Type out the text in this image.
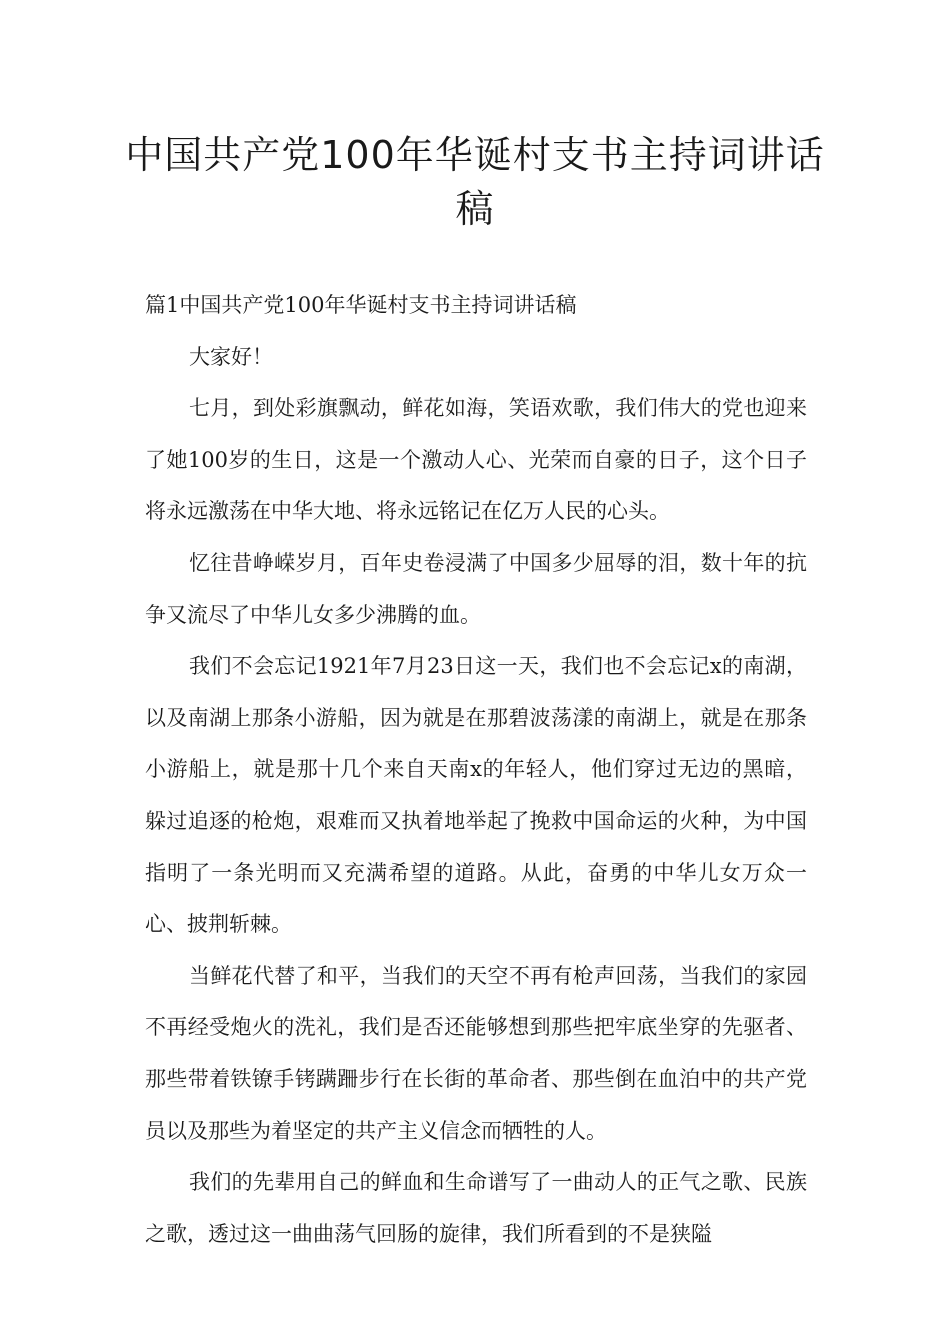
中国共产党100年华诞村支书主持词讲话稿

篇1中国共产党100年华诞村支书主持词讲话稿

大家好！

七月，到处彩旗飘动，鲜花如海，笑语欢歌，我们伟大的党也迎来了她100岁的生日，这是一个激动人心、光荣而自豪的日子，这个日子将永远激荡在中华大地、将永远铭记在亿万人民的心头。

忆往昔峥嵘岁月，百年史卷浸满了中国多少屈辱的泪，数十年的抗争又流尽了中华儿女多少沸腾的血。

我们不会忘记1921年7月23日这一天，我们也不会忘记x的南湖，以及南湖上那条小游船，因为就是在那碧波荡漾的南湖上，就是在那条小游船上，就是那十几个来自天南x的年轻人，他们穿过无边的黑暗，躲过追逐的枪炮，艰难而又执着地举起了挽救中国命运的火种，为中国指明了一条光明而又充满希望的道路。从此，奋勇的中华儿女万众一心、披荆斩棘。

当鲜花代替了和平，当我们的天空不再有枪声回荡，当我们的家园不再经受炮火的洗礼，我们是否还能够想到那些把牢底坐穿的先驱者、那些带着铁镣手铐蹒跚步行在长街的革命者、那些倒在血泊中的共产党员以及那些为着坚定的共产主义信念而牺牲的人。

我们的先辈用自己的鲜血和生命谱写了一曲动人的正气之歌、民族之歌，透过这一曲曲荡气回肠的旋律，我们所看到的不是狭隘
